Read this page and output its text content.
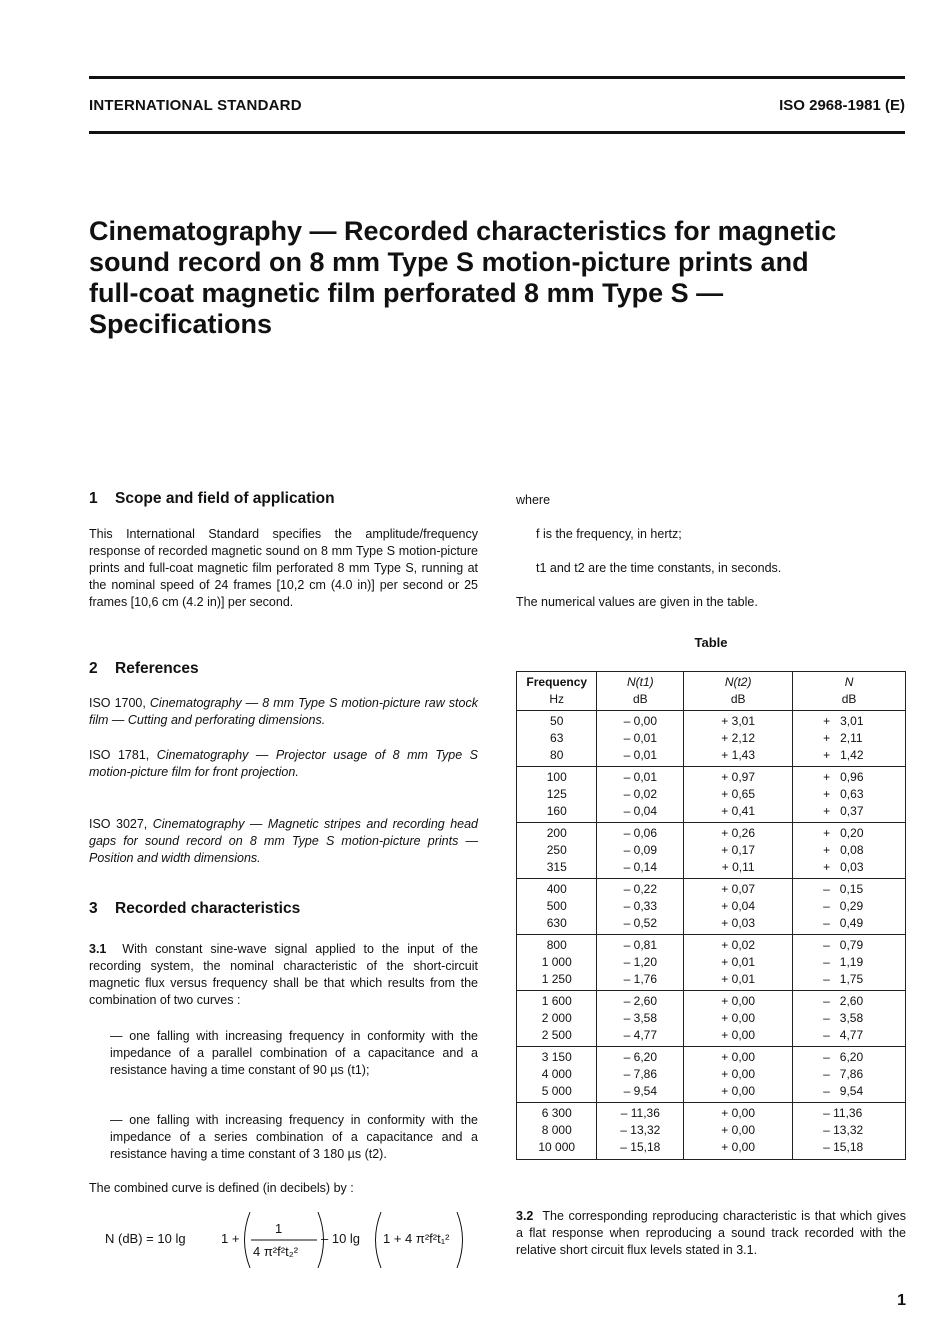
INTERNATIONAL STANDARD	ISO 2968-1981 (E)
Cinematography — Recorded characteristics for magnetic
sound record on 8 mm Type S motion-picture prints and
full-coat magnetic film perforated 8 mm Type S —
Specifications
1 Scope and field of application

This International Standard specifies the amplitude/frequency response of recorded magnetic sound on 8 mm Type S motion-picture prints and full-coat magnetic film perforated 8 mm Type S, running at the nominal speed of 24 frames [10,2 cm (4.0 in)] per second or 25 frames [10,6 cm (4.2 in)] per second.

2 References

ISO 1700, Cinematography — 8 mm Type S motion-picture raw stock film — Cutting and perforating dimensions.

ISO 1781, Cinematography — Projector usage of 8 mm Type S motion-picture film for front projection.

ISO 3027, Cinematography — Magnetic stripes and recording head gaps for sound record on 8 mm Type S motion-picture prints — Position and width dimensions.

3 Recorded characteristics

3.1 With constant sine-wave signal applied to the input of the recording system, the nominal characteristic of the short-circuit magnetic flux versus frequency shall be that which results from the combination of two curves :

— one falling with increasing frequency in conformity with the impedance of a parallel combination of a capacitance and a resistance having a time constant of 90 µs (t1);

— one falling with increasing frequency in conformity with the impedance of a series combination of a capacitance and a resistance having a time constant of 3 180 µs (t2).

The combined curve is defined (in decibels) by :

N (dB) = 10 lg	1 +
1
4 π²f²t₂²
– 10 lg 1 + 4 π²f²t₁²

where

f is the frequency, in hertz;

t1 and t2 are the time constants, in seconds.

The numerical values are given in the table.

Table
Frequency	N(t1)	N(t2)	N
Hz	dB	dB	dB
50	– 0,00	+ 3,01	+   3,01
63	– 0,01	+ 2,12	+   2,11
80	– 0,01	+ 1,43	+   1,42
100	– 0,01	+ 0,97	+   0,96
125	– 0,02	+ 0,65	+   0,63
160	– 0,04	+ 0,41	+   0,37
200	– 0,06	+ 0,26	+   0,20
250	– 0,09	+ 0,17	+   0,08
315	– 0,14	+ 0,11	+   0,03
400	– 0,22	+ 0,07	–   0,15
500	– 0,33	+ 0,04	–   0,29
630	– 0,52	+ 0,03	–   0,49
800	– 0,81	+ 0,02	–   0,79
1 000	– 1,20	+ 0,01	–   1,19
1 250	– 1,76	+ 0,01	–   1,75
1 600	– 2,60	+ 0,00	–   2,60
2 000	– 3,58	+ 0,00	–   3,58
2 500	– 4,77	+ 0,00	–   4,77
3 150	– 6,20	+ 0,00	–   6,20
4 000	– 7,86	+ 0,00	–   7,86
5 000	– 9,54	+ 0,00	–   9,54
6 300	– 11,36	+ 0,00	– 11,36
8 000	– 13,32	+ 0,00	– 13,32
10 000	– 15,18	+ 0,00	– 15,18

3.2 The corresponding reproducing characteristic is that which gives a flat response when reproducing a sound track recorded with the relative short circuit flux levels stated in 3.1.

1
